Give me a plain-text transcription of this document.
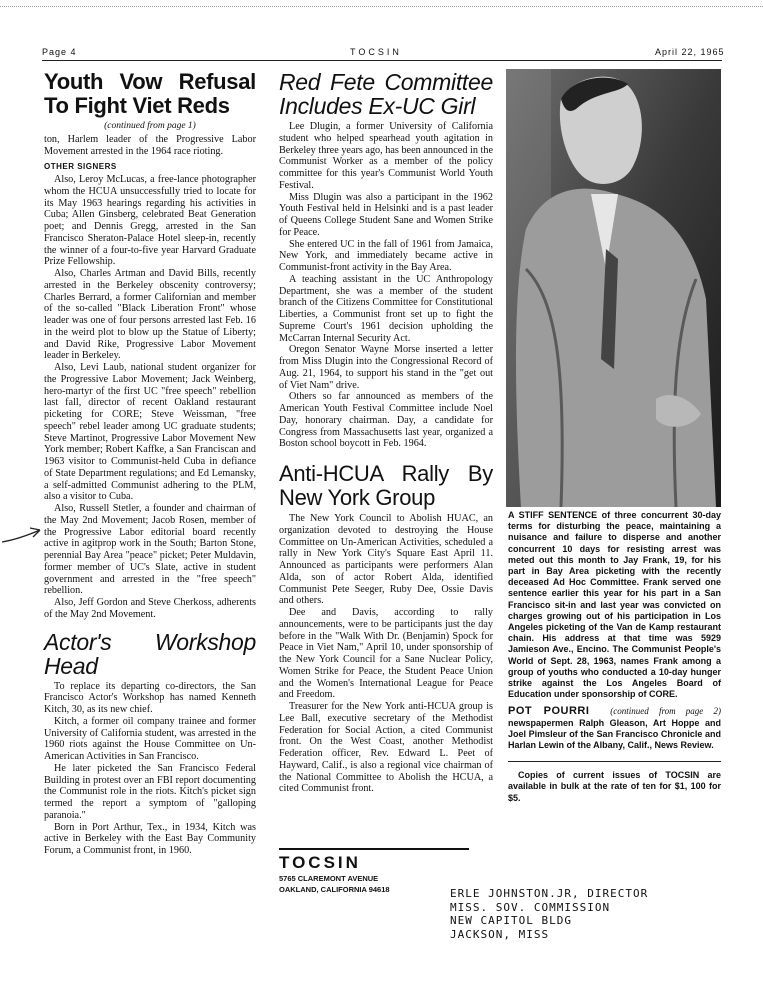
Page 4	TOCSIN	April 22, 1965
Youth Vow Refusal To Fight Viet Reds
(continued from page 1)

ton, Harlem leader of the Progressive Labor Movement arrested in the 1964 race rioting.

OTHER SIGNERS

Also, Leroy McLucas, a free-lance photographer whom the HCUA unsuccessfully tried to locate for its May 1963 hearings regarding his activities in Cuba; Allen Ginsberg, celebrated Beat Generation poet; and Dennis Gregg, arrested in the San Francisco Sheraton-Palace Hotel sleep-in, recently the winner of a four-to-five year Harvard Graduate Prize Fellowship.

Also, Charles Artman and David Bills, recently arrested in the Berkeley obscenity controversy; Charles Berrard, a former Californian and member of the so-called "Black Liberation Front" whose leader was one of four persons arrested last Feb. 16 in the weird plot to blow up the Statue of Liberty; and David Rike, Progressive Labor Movement leader in Berkeley.

Also, Levi Laub, national student organizer for the Progressive Labor Movement; Jack Weinberg, hero-martyr of the first UC "free speech" rebellion last fall, director of recent Oakland restaurant picketing for CORE; Steve Weissman, "free speech" rebel leader among UC graduate students; Steve Martinot, Progressive Labor Movement New York member; Robert Kaffke, a San Franciscan and 1963 visitor to Communist-held Cuba in defiance of State Department regulations; and Ed Lemansky, a self-admitted Communist adhering to the PLM, also a visitor to Cuba.

Also, Russell Stetler, a founder and chairman of the May 2nd Movement; Jacob Rosen, member of the Progressive Labor editorial board recently active in agitprop work in the South; Barton Stone, perennial Bay Area "peace" picket; Peter Muldavin, former member of UC's Slate, active in student government and arrested in the "free speech" rebellion.

Also, Jeff Gordon and Steve Cherkoss, adherents of the May 2nd Movement.

Actor's Workshop Head

To replace its departing co-directors, the San Francisco Actor's Workshop has named Kenneth Kitch, 30, as its new chief.

Kitch, a former oil company trainee and former University of California student, was arrested in the 1960 riots against the House Committee on Un-American Activities in San Francisco.

He later picketed the San Francisco Federal Building in protest over an FBI report documenting the Communist role in the riots. Kitch's picket sign termed the report a symptom of "galloping paranoia."

Born in Port Arthur, Tex., in 1934, Kitch was active in Berkeley with the East Bay Community Forum, a Communist front, in 1960.

Red Fete Committee Includes Ex-UC Girl

Lee Dlugin, a former University of California student who helped spearhead youth agitation in Berkeley three years ago, has been announced in the Communist Worker as a member of the policy committee for this year's Communist World Youth Festival.

Miss Dlugin was also a participant in the 1962 Youth Festival held in Helsinki and is a past leader of Queens College Student Sane and Women Strike for Peace.

She entered UC in the fall of 1961 from Jamaica, New York, and immediately became active in Communist-front activity in the Bay Area.

A teaching assistant in the UC Anthropology Department, she was a member of the student branch of the Citizens Committee for Constitutional Liberties, a Communist front set up to fight the Supreme Court's 1961 decision upholding the McCarran Internal Security Act.

Oregon Senator Wayne Morse inserted a letter from Miss Dlugin into the Congressional Record of Aug. 21, 1964, to support his stand in the "get out of Viet Nam" drive.

Others so far announced as members of the American Youth Festival Committee include Noel Day, honorary chairman. Day, a candidate for Congress from Massachusetts last year, organized a Boston school boycott in Feb. 1964.

Anti-HCUA Rally By New York Group

The New York Council to Abolish HUAC, an organization devoted to destroying the House Committee on Un-American Activities, scheduled a rally in New York City's Square East April 11. Announced as participants were performers Alan Alda, son of actor Robert Alda, identified Communist Pete Seeger, Ruby Dee, Ossie Davis and others.

Dee and Davis, according to rally announcements, were to be participants just the day before in the "Walk With Dr. (Benjamin) Spock for Peace in Viet Nam," April 10, under sponsorship of the New York Council for a Sane Nuclear Policy, Women Strike for Peace, the Student Peace Union and the Women's International League for Peace and Freedom.

Treasurer for the New York anti-HCUA group is Lee Ball, executive secretary of the Methodist Federation for Social Action, a cited Communist front. On the West Coast, another Methodist Federation officer, Rev. Edward L. Peet of Hayward, Calif., is also a regional vice chairman of the National Committee to Abolish the HCUA, a cited Communist front.

TOCSIN
5765 CLAREMONT AVENUE
OAKLAND, CALIFORNIA 94618

A STIFF SENTENCE of three concurrent 30-day terms for disturbing the peace, maintaining a nuisance and failure to disperse and another concurrent 10 days for resisting arrest was meted out this month to Jay Frank, 19, for his part in Bay Area picketing with the recently deceased Ad Hoc Committee. Frank served one sentence earlier this year for his part in a San Francisco sit-in and last year was convicted on charges growing out of his participation in Los Angeles picketing of the Van de Kamp restaurant chain. His address at that time was 5929 Jamieson Ave., Encino. The Communist People's World of Sept. 28, 1963, names Frank among a group of youths who conducted a 10-day hunger strike against the Los Angeles Board of Education under sponsorship of CORE.

POT POURRI (continued from page 2) newspapermen Ralph Gleason, Art Hoppe and Joel Pimsleur of the San Francisco Chronicle and Harlan Lewin of the Albany, Calif., News Review.

Copies of current issues of TOCSIN are available in bulk at the rate of ten for $1, 100 for $5.
ERLE JOHNSTON.JR, DIRECTOR
MISS. SOV. COMMISSION
NEW CAPITOL BLDG
JACKSON, MISS
